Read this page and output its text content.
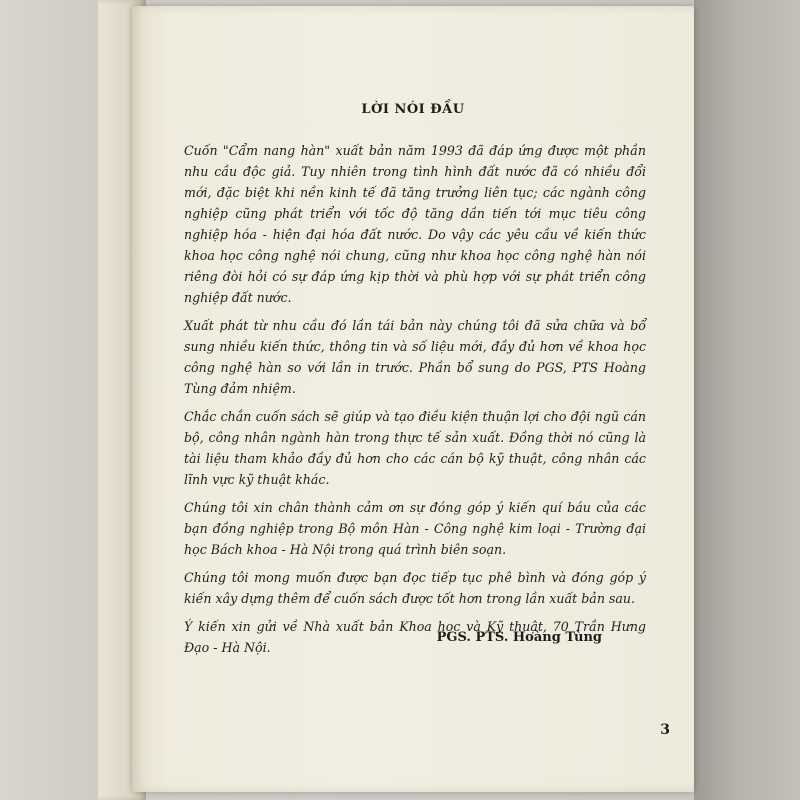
LỜI NÓI ĐẦU

Cuốn "Cẩm nang hàn" xuất bản năm 1993 đã đáp ứng được một phần nhu cầu độc giả. Tuy nhiên trong tình hình đất nước đã có nhiều đổi mới, đặc biệt khi nền kinh tế đã tăng trưởng liên tục; các ngành công nghiệp cũng phát triển với tốc độ tăng dần tiến tới mục tiêu công nghiệp hóa - hiện đại hóa đất nước. Do vậy các yêu cầu về kiến thức khoa học công nghệ nói chung, cũng như khoa học công nghệ hàn nói riêng đòi hỏi có sự đáp ứng kịp thời và phù hợp với sự phát triển công nghiệp đất nước.

Xuất phát từ nhu cầu đó lần tái bản này chúng tôi đã sửa chữa và bổ sung nhiều kiến thức, thông tin và số liệu mới, đầy đủ hơn về khoa học công nghệ hàn so với lần in trước. Phần bổ sung do PGS, PTS Hoàng Tùng đảm nhiệm.

Chắc chắn cuốn sách sẽ giúp và tạo điều kiện thuận lợi cho đội ngũ cán bộ, công nhân ngành hàn trong thực tế sản xuất. Đồng thời nó cũng là tài liệu tham khảo đầy đủ hơn cho các cán bộ kỹ thuật, công nhân các lĩnh vực kỹ thuật khác.

Chúng tôi xin chân thành cảm ơn sự đóng góp ý kiến quí báu của các bạn đồng nghiệp trong Bộ môn Hàn - Công nghệ kim loại - Trường đại học Bách khoa - Hà Nội trong quá trình biên soạn.

Chúng tôi mong muốn được bạn đọc tiếp tục phê bình và đóng góp ý kiến xây dựng thêm để cuốn sách được tốt hơn trong lần xuất bản sau.

Ý kiến xin gửi về Nhà xuất bản Khoa học và Kỹ thuật, 70 Trần Hưng Đạo - Hà Nội.

PGS. PTS. Hoàng Tùng
3
